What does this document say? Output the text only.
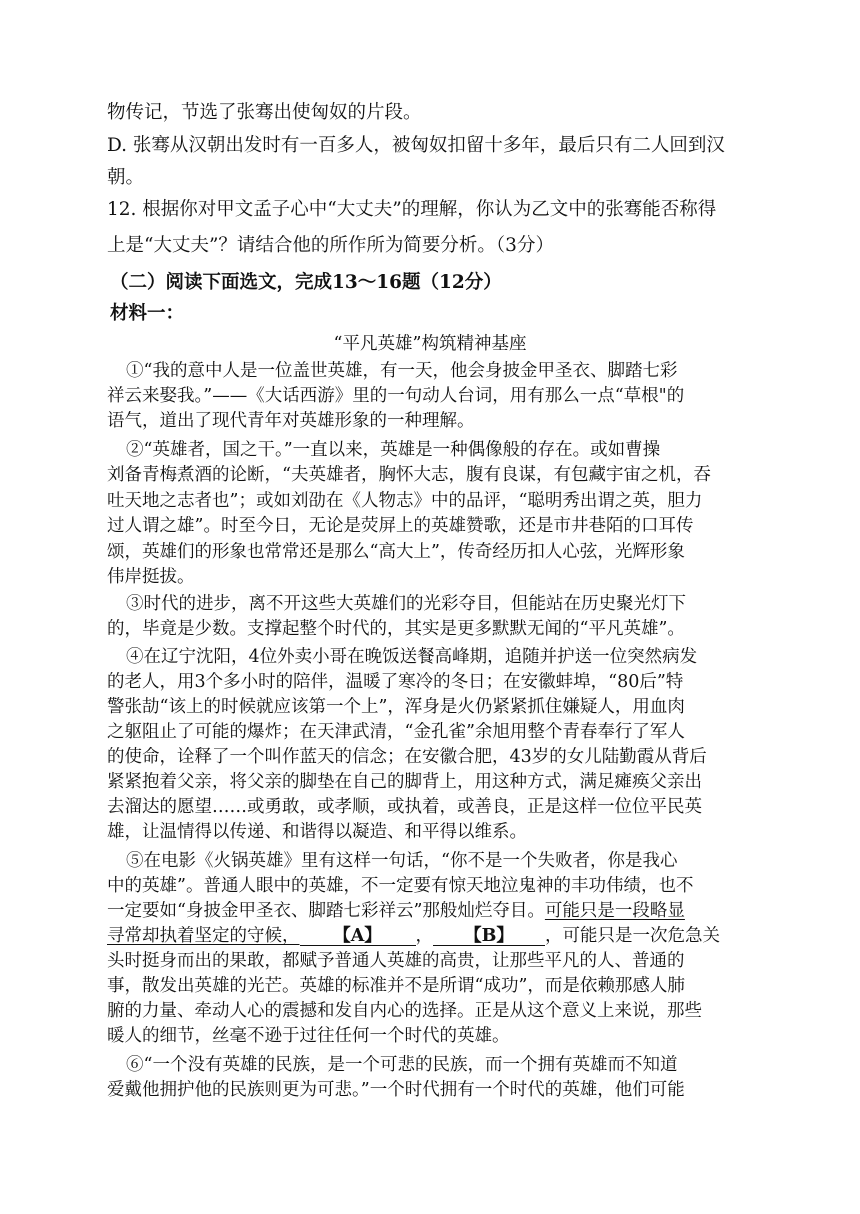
物传记，节选了张骞出使匈奴的片段。

D. 张骞从汉朝出发时有一百多人，被匈奴扣留十多年，最后只有二人回到汉

朝。

12. 根据你对甲文孟子心中“大丈夫”的理解，你认为乙文中的张骞能否称得

上是“大丈夫”？请结合他的所作所为简要分析。（3分）

（二）阅读下面选文，完成13～16题（12分）

材料一：

“平凡英雄”构筑精神基座

①“我的意中人是一位盖世英雄，有一天，他会身披金甲圣衣、脚踏七彩

祥云来娶我。”——《大话西游》里的一句动人台词，用有那么一点“草根"的

语气，道出了现代青年对英雄形象的一种理解。

②“英雄者，国之干。”一直以来，英雄是一种偶像般的存在。或如曹操

刘备青梅煮酒的论断，“夫英雄者，胸怀大志，腹有良谋，有包藏宇宙之机，吞

吐天地之志者也”；或如刘劭在《人物志》中的品评，“聪明秀出谓之英，胆力

过人谓之雄”。时至今日，无论是荧屏上的英雄赞歌，还是市井巷陌的口耳传

颂，英雄们的形象也常常还是那么“高大上”，传奇经历扣人心弦，光辉形象

伟岸挺拔。

③时代的进步，离不开这些大英雄们的光彩夺目，但能站在历史聚光灯下

的，毕竟是少数。支撑起整个时代的，其实是更多默默无闻的“平凡英雄”。

④在辽宁沈阳，4位外卖小哥在晚饭送餐高峰期，追随并护送一位突然病发

的老人，用3个多小时的陪伴，温暖了寒冷的冬日；在安徽蚌埠，“80后”特

警张劼“该上的时候就应该第一个上”，浑身是火仍紧紧抓住嫌疑人，用血肉

之躯阻止了可能的爆炸；在天津武清，“金孔雀”余旭用整个青春奉行了军人

的使命，诠释了一个叫作蓝天的信念；在安徽合肥，43岁的女儿陆勤霞从背后

紧紧抱着父亲，将父亲的脚垫在自己的脚背上，用这种方式，满足瘫痪父亲出

去溜达的愿望……或勇敢，或孝顺，或执着，或善良，正是这样一位位平民英

雄，让温情得以传递、和谐得以凝造、和平得以维系。

⑤在电影《火锅英雄》里有这样一句话，“你不是一个失败者，你是我心

中的英雄”。普通人眼中的英雄，不一定要有惊天地泣鬼神的丰功伟绩，也不

一定要如“身披金甲圣衣、脚踏七彩祥云”那般灿烂夺目。可能只是一段略显

寻常却执着坚定的守候， 【A】 ， 【B】 ，可能只是一次危急关

头时挺身而出的果敢，都赋予普通人英雄的高贵，让那些平凡的人、普通的

事，散发出英雄的光芒。英雄的标准并不是所谓“成功”，而是依赖那感人肺

腑的力量、牵动人心的震撼和发自内心的选择。正是从这个意义上来说，那些

暖人的细节，丝毫不逊于过往任何一个时代的英雄。

⑥“一个没有英雄的民族，是一个可悲的民族，而一个拥有英雄而不知道

爱戴他拥护他的民族则更为可悲。”一个时代拥有一个时代的英雄，他们可能
